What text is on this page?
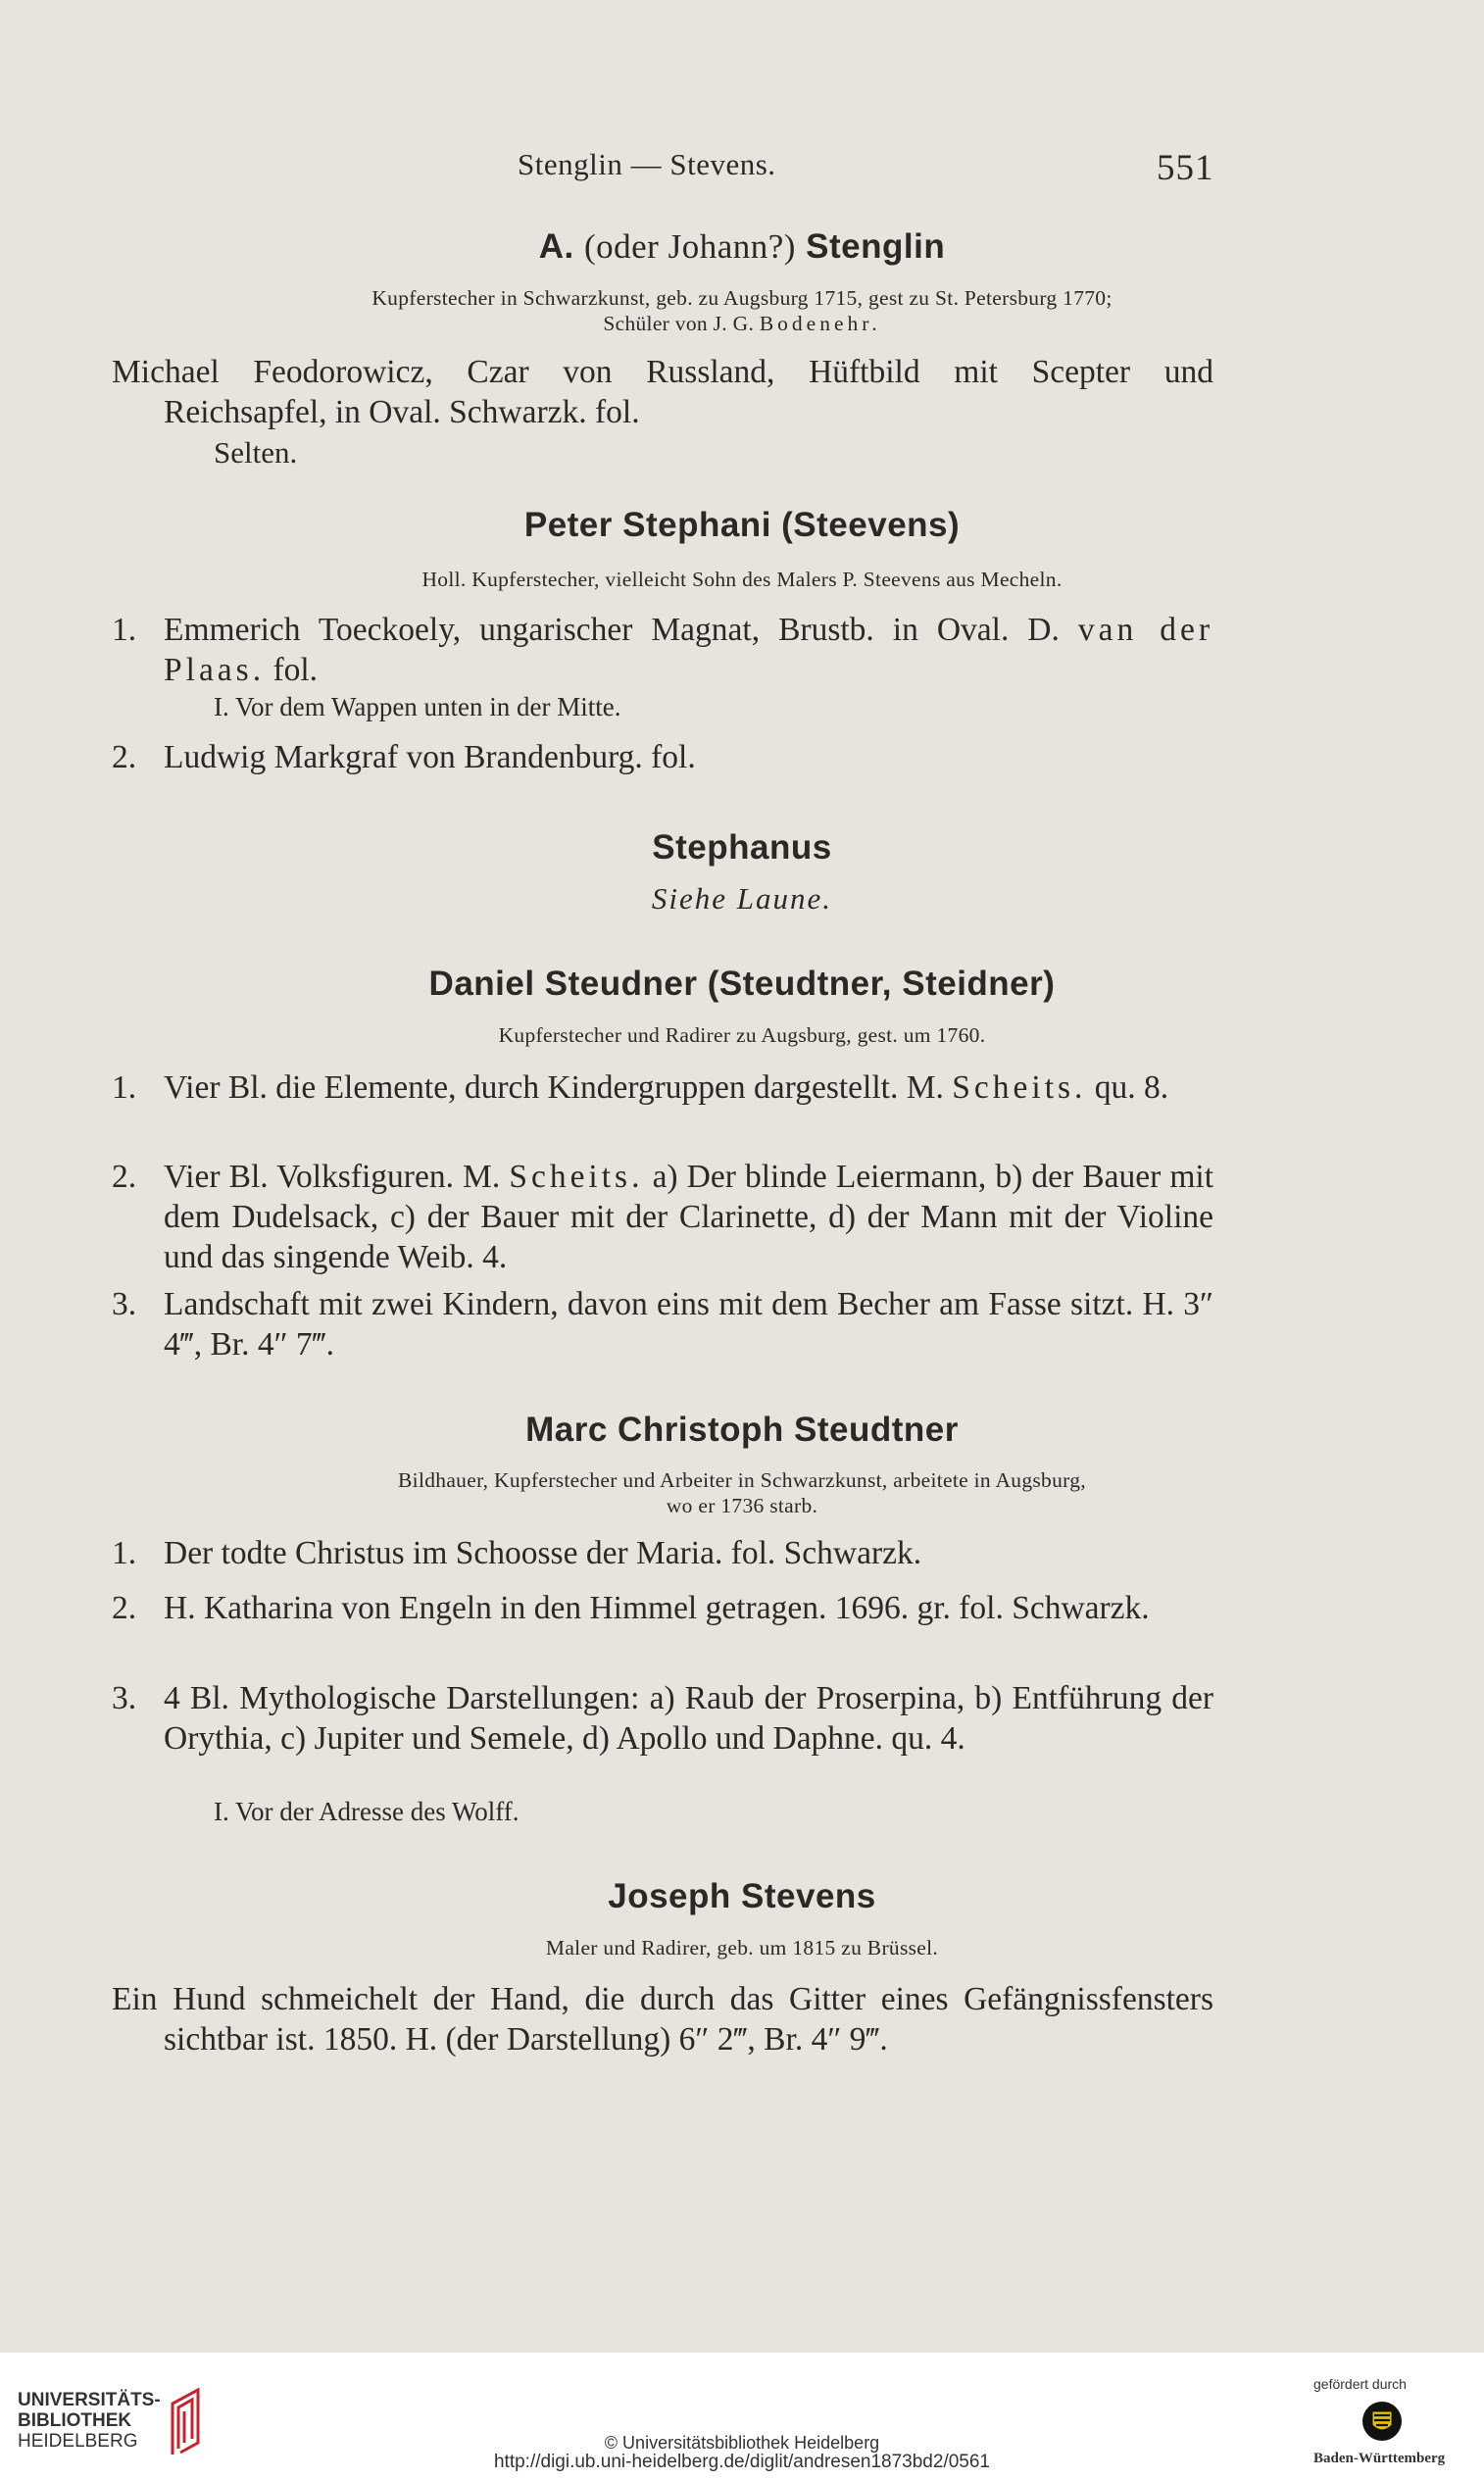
Stenglin — Stevens.	551
A. (oder Johann?) Stenglin
Kupferstecher in Schwarzkunst, geb. zu Augsburg 1715, gest zu St. Petersburg 1770;
Schüler von J. G. Bodenehr.
Michael Feodorowicz, Czar von Russland, Hüftbild mit Scepter und
Reichsapfel, in Oval. Schwarzk. fol.
Selten.
Peter Stephani (Steevens)
Holl. Kupferstecher, vielleicht Sohn des Malers P. Steevens aus Mecheln.
1. Emmerich Toeckoely, ungarischer Magnat, Brustb. in Oval. D. van der Plaas. fol.
I. Vor dem Wappen unten in der Mitte.
2. Ludwig Markgraf von Brandenburg. fol.
Stephanus
Siehe Laune.
Daniel Steudner (Steudtner, Steidner)
Kupferstecher und Radirer zu Augsburg, gest. um 1760.
1. Vier Bl. die Elemente, durch Kindergruppen dargestellt. M. Scheits. qu. 8.
2. Vier Bl. Volksfiguren. M. Scheits. a) Der blinde Leiermann, b) der Bauer mit dem Dudelsack, c) der Bauer mit der Clarinette, d) der Mann mit der Violine und das singende Weib. 4.
3. Landschaft mit zwei Kindern, davon eins mit dem Becher am Fasse sitzt. H. 3″ 4‴, Br. 4″ 7‴.
Marc Christoph Steudtner
Bildhauer, Kupferstecher und Arbeiter in Schwarzkunst, arbeitete in Augsburg,
wo er 1736 starb.
1. Der todte Christus im Schoosse der Maria. fol. Schwarzk.
2. H. Katharina von Engeln in den Himmel getragen. 1696. gr. fol. Schwarzk.
3. 4 Bl. Mythologische Darstellungen: a) Raub der Proserpina, b) Entführung der Orythia, c) Jupiter und Semele, d) Apollo und Daphne. qu. 4.
I. Vor der Adresse des Wolff.
Joseph Stevens
Maler und Radirer, geb. um 1815 zu Brüssel.
Ein Hund schmeichelt der Hand, die durch das Gitter eines Gefängnissfensters sichtbar ist. 1850. H. (der Darstellung) 6″ 2‴, Br. 4″ 9‴.
UNIVERSITÄTS-
BIBLIOTHEK
HEIDELBERG	© Universitätsbibliothek Heidelberg
http://digi.ub.uni-heidelberg.de/diglit/andresen1873bd2/0561
gefördert durch
Baden-Württemberg
